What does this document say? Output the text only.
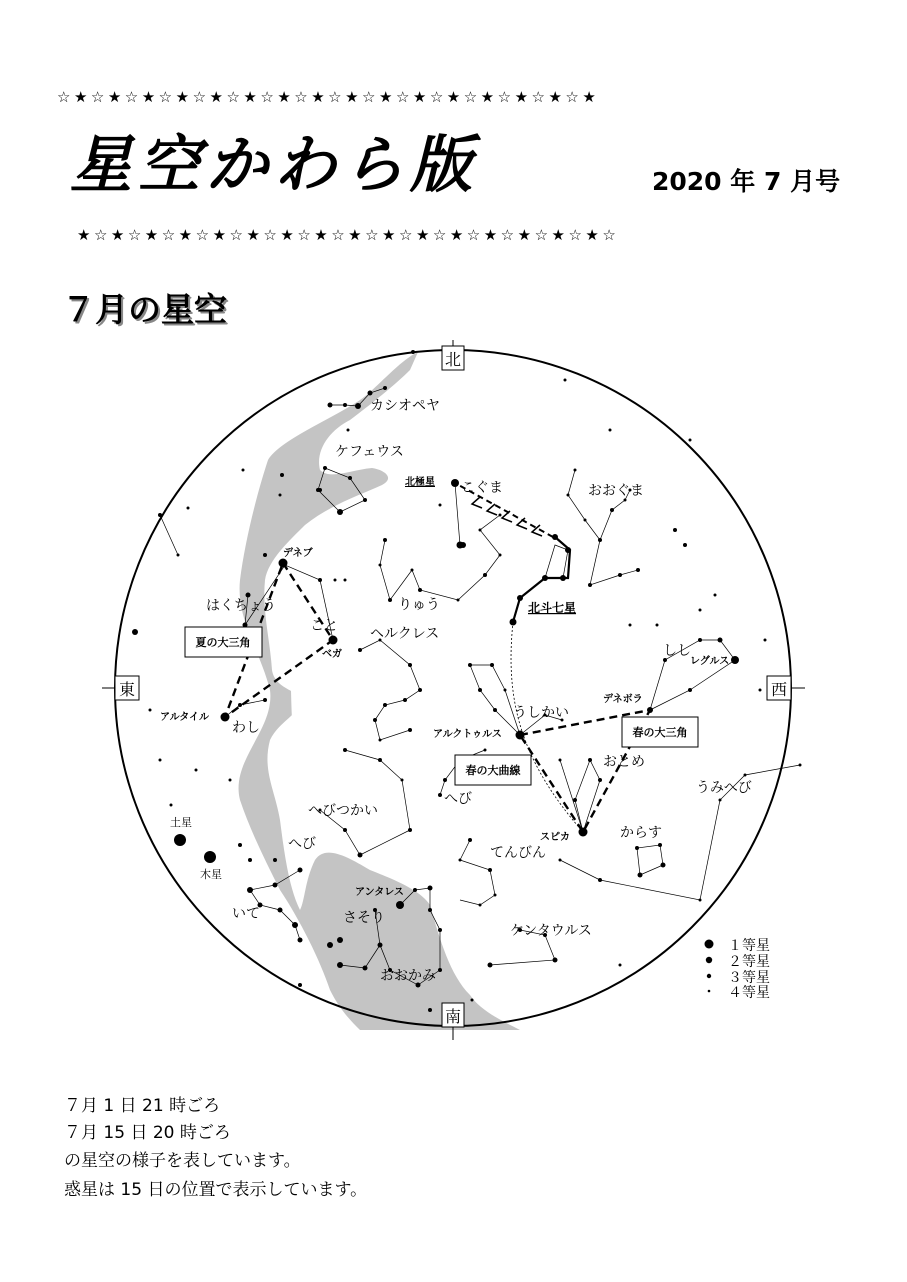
☆★☆★☆★☆★☆★☆★☆★☆★☆★☆★☆★☆★☆★☆★☆★☆★
星空かわら版	2020 年 7 月号
★☆★☆★☆★☆★☆★☆★☆★☆★☆★☆★☆★☆★☆★☆★☆★☆
７月の星空
北
南
東	西
土星
木星
カシオペヤ
ケフェウス
こぐま	おおぐま
りゅう
はくちょう
こと ヘルクレス
わし
うしかい
しし
おとめ
うみへび
へびつかい
へび
へび
からす
てんびん
さそり
いて
ケンタウルス
おおかみ
北極星
北斗七星
デネブ
ベガ
アルタイル
アルクトゥルス
スピカ
レグルス
デネボラ
アンタレス
夏の大三角
春の大三角
春の大曲線
１等星
２等星
３等星
４等星
７月 1 日 21 時ごろ
７月 15 日 20 時ごろ
の星空の様子を表しています。
惑星は 15 日の位置で表示しています。
